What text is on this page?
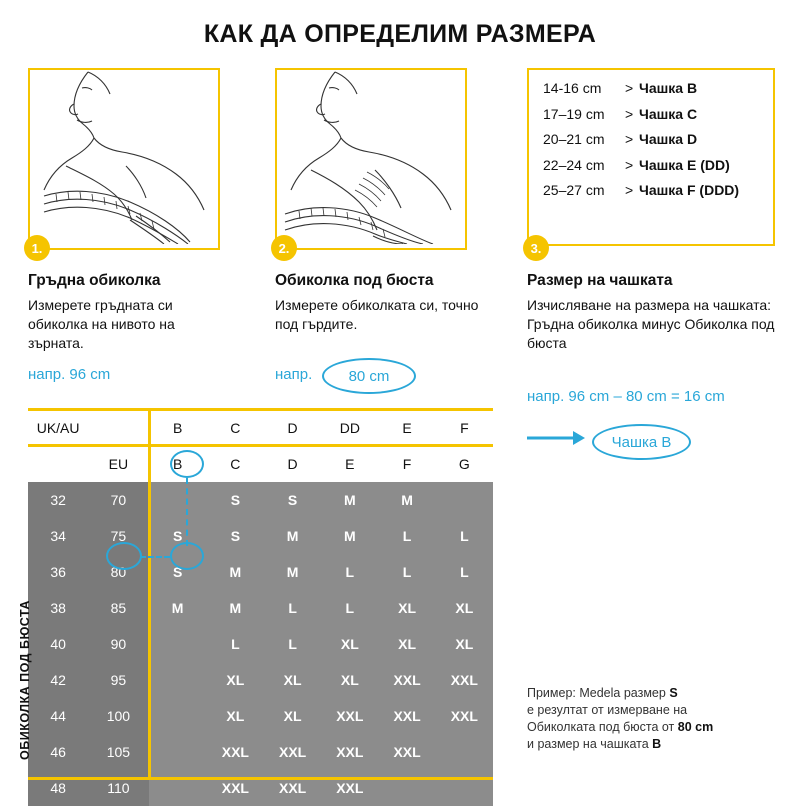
КАК ДА ОПРЕДЕЛИМ РАЗМЕРА
1.
Гръдна обиколка
Измерете гръдната си обиколка на нивото на зърната.
напр. 96 cm
2.
Обиколка под бюста
Измерете обиколката си, точно под гърдите.
напр.	80 cm
14-16 cm	> Чашка B
17–19 cm	> Чашка C
20–21 cm	> Чашка D
22–24 cm	> Чашка E (DD)
25–27 cm	> Чашка F (DDD)
3.
Размер на чашката
Изчисляване на размера на чашката: Гръдна обиколка минус Обиколка под бюста
напр. 96 cm – 80 cm = 16 cm
Чашка B
UK/AU		B	C	D	DD	E	F
	EU	B	C	D	E	F	G
32	70		S	S	M	M	
34	75	S	S	M	M	L	L
36	80	S	M	M	L	L	L
38	85	M	M	L	L	XL	XL
40	90		L	L	XL	XL	XL
42	95		XL	XL	XL	XXL	XXL
44	100		XL	XL	XXL	XXL	XXL
46	105		XXL	XXL	XXL	XXL	
48	110		XXL	XXL	XXL		
ОБИКОЛКА ПОД БЮСТА	Пример: Medela размер S
е резултат от измерване на
Обиколката под бюста от 80 cm
и размер на чашката B
